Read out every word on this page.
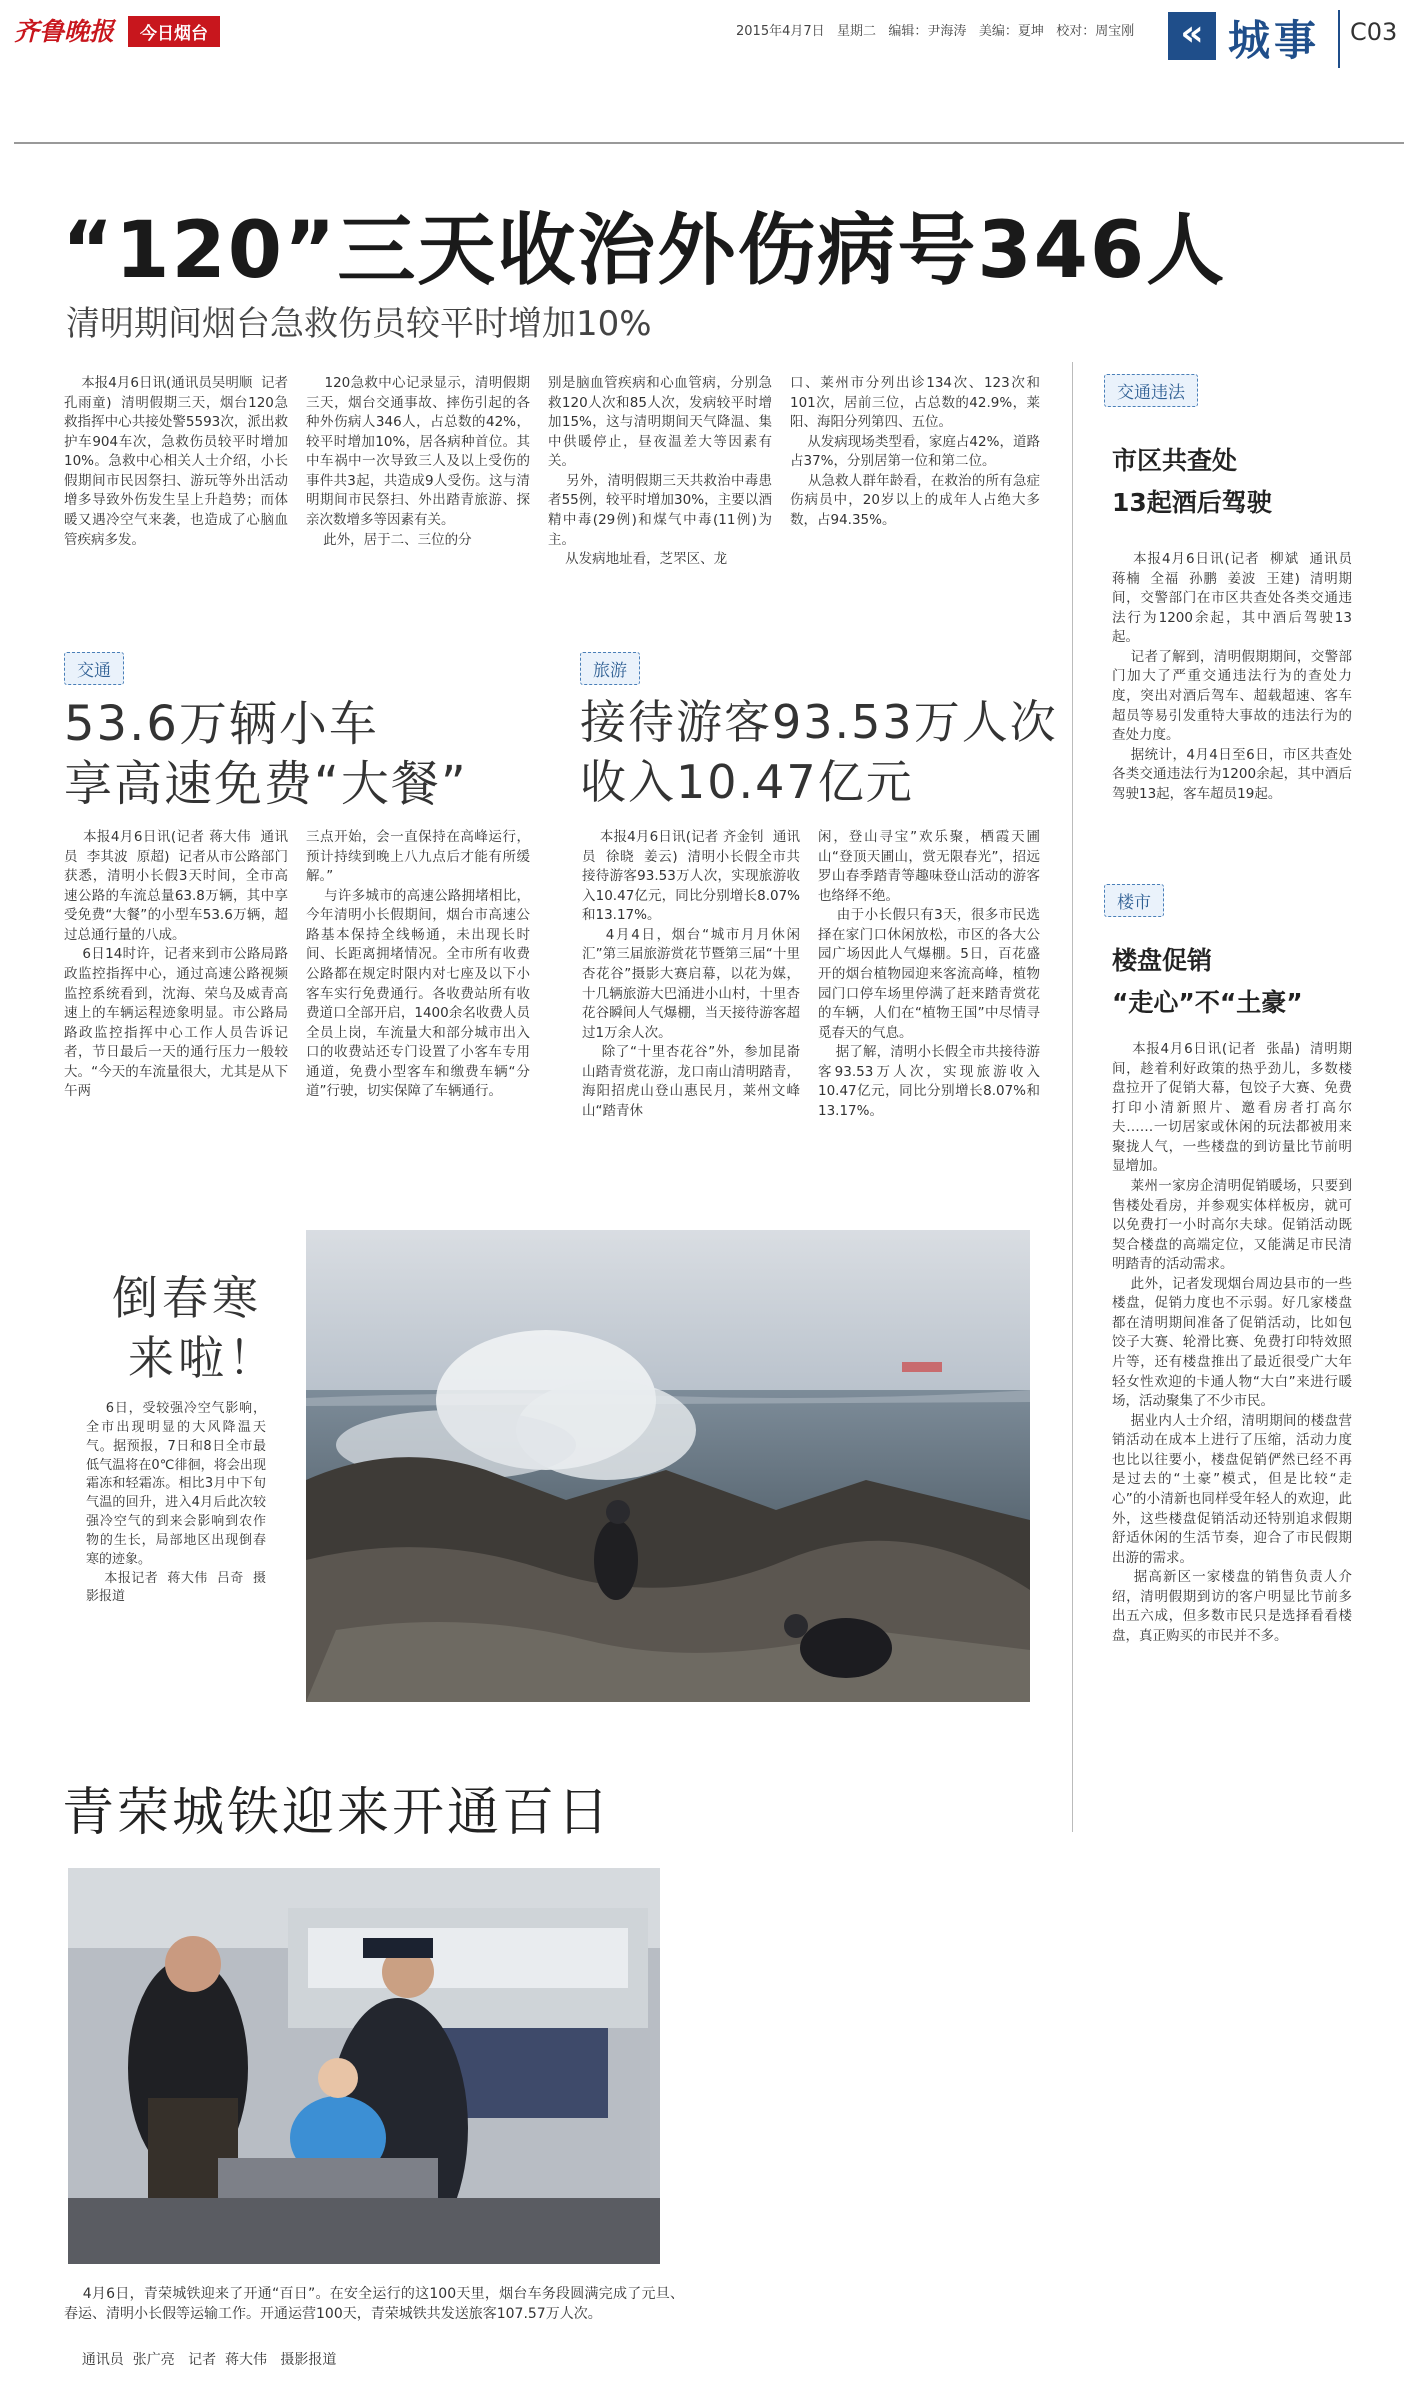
齐鲁晚报	今日烟台	2015年4月7日   星期二   编辑：尹海涛   美编：夏坤   校对：周宝刚	« 城事 C03
“120”三天收治外伤病号346人
清明期间烟台急救伤员较平时增加10%
本报4月6日讯(通讯员吴明顺  记者 孔雨童)  清明假期三天，烟台120急救指挥中心共接处警5593次，派出救护车904车次，急救伤员较平时增加10%。急救中心相关人士介绍，小长假期间市民因祭扫、游玩等外出活动增多导致外伤发生呈上升趋势；而体暖又遇冷空气来袭，也造成了心脑血管疾病多发。
120急救中心记录显示，清明假期三天，烟台交通事故、摔伤引起的各种外伤病人346人，占总数的42%，较平时增加10%，居各病种首位。其中车祸中一次导致三人及以上受伤的事件共3起，共造成9人受伤。这与清明期间市民祭扫、外出踏青旅游、探亲次数增多等因素有关。
此外，居于二、三位的分
别是脑血管疾病和心血管病，分别急救120人次和85人次，发病较平时增加15%，这与清明期间天气降温、集中供暖停止，昼夜温差大等因素有关。
另外，清明假期三天共救治中毒患者55例，较平时增加30%，主要以酒精中毒(29例)和煤气中毒(11例)为主。
从发病地址看，芝罘区、龙
口、莱州市分列出诊134次、123次和101次，居前三位，占总数的42.9%，莱阳、海阳分列第四、五位。
从发病现场类型看，家庭占42%，道路占37%，分别居第一位和第二位。
从急救人群年龄看，在救治的所有急症伤病员中，20岁以上的成年人占绝大多数，占94.35%。
交通
53.6万辆小车
享高速免费“大餐”
本报4月6日讯(记者 蒋大伟  通讯员  李其波  原超)  记者从市公路部门获悉，清明小长假3天时间，全市高速公路的车流总量63.8万辆，其中享受免费“大餐”的小型车53.6万辆，超过总通行量的八成。
6日14时许，记者来到市公路局路政监控指挥中心，通过高速公路视频监控系统看到，沈海、荣乌及威青高速上的车辆运程迹象明显。市公路局路政监控指挥中心工作人员告诉记者，节日最后一天的通行压力一般较大。“今天的车流量很大，尤其是从下午两
三点开始，会一直保持在高峰运行，预计持续到晚上八九点后才能有所缓解。”
与许多城市的高速公路拥堵相比，今年清明小长假期间，烟台市高速公路基本保持全线畅通，未出现长时间、长距离拥堵情况。全市所有收费公路都在规定时限内对七座及以下小客车实行免费通行。各收费站所有收费道口全部开启，1400余名收费人员全员上岗，车流量大和部分城市出入口的收费站还专门设置了小客车专用通道，免费小型客车和缴费车辆“分道”行驶，切实保障了车辆通行。
旅游
接待游客93.53万人次
收入10.47亿元
本报4月6日讯(记者 齐金钊  通讯员  徐晓  姜云)  清明小长假全市共接待游客93.53万人次，实现旅游收入10.47亿元，同比分别增长8.07%和13.17%。
4月4日，烟台“城市月月休闲汇”第三届旅游赏花节暨第三届“十里杏花谷”摄影大赛启幕，以花为媒，十几辆旅游大巴涌进小山村，十里杏花谷瞬间人气爆棚，当天接待游客超过1万余人次。
除了“十里杏花谷”外，参加昆嵛山踏青赏花游，龙口南山清明踏青，海阳招虎山登山惠民月，莱州文峰山“踏青休
闲，登山寻宝”欢乐聚，栖霞天圃山“登顶天圃山，赏无限春光”，招远罗山春季踏青等趣味登山活动的游客也络绎不绝。
由于小长假只有3天，很多市民选择在家门口休闲放松，市区的各大公园广场因此人气爆棚。5日，百花盛开的烟台植物园迎来客流高峰，植物园门口停车场里停满了赶来踏青赏花的车辆，人们在“植物王国”中尽情寻觅春天的气息。
据了解，清明小长假全市共接待游客93.53万人次，实现旅游收入10.47亿元，同比分别增长8.07%和13.17%。
交通违法
市区共查处
13起酒后驾驶
本报4月6日讯(记者  柳斌  通讯员  蒋楠  全福  孙鹏  姜波  王建)  清明期间，交警部门在市区共查处各类交通违法行为1200余起，其中酒后驾驶13起。
记者了解到，清明假期期间，交警部门加大了严重交通违法行为的查处力度，突出对酒后驾车、超载超速、客车超员等易引发重特大事故的违法行为的查处力度。
据统计，4月4日至6日，市区共查处各类交通违法行为1200余起，其中酒后驾驶13起，客车超员19起。
楼市
楼盘促销
“走心”不“土豪”
本报4月6日讯(记者  张晶)  清明期间，趁着利好政策的热乎劲儿，多数楼盘拉开了促销大幕，包饺子大赛、免费打印小清新照片、邀看房者打高尔夫……一切居家或休闲的玩法都被用来聚拢人气，一些楼盘的到访量比节前明显增加。
莱州一家房企清明促销暖场，只要到售楼处看房，并参观实体样板房，就可以免费打一小时高尔夫球。促销活动既契合楼盘的高端定位，又能满足市民清明踏青的活动需求。
此外，记者发现烟台周边县市的一些楼盘，促销力度也不示弱。好几家楼盘都在清明期间准备了促销活动，比如包饺子大赛、轮滑比赛、免费打印特效照片等，还有楼盘推出了最近很受广大年轻女性欢迎的卡通人物“大白”来进行暖场，活动聚集了不少市民。
据业内人士介绍，清明期间的楼盘营销活动在成本上进行了压缩，活动力度也比以往要小，楼盘促销俨然已经不再是过去的“土豪”模式，但是比较“走心”的小清新也同样受年轻人的欢迎，此外，这些楼盘促销活动还特别追求假期舒适休闲的生活节奏，迎合了市民假期出游的需求。
据高新区一家楼盘的销售负责人介绍，清明假期到访的客户明显比节前多出五六成，但多数市民只是选择看看楼盘，真正购买的市民并不多。
倒春寒
来啦！
6日，受较强冷空气影响，全市出现明显的大风降温天气。据预报，7日和8日全市最低气温将在0℃徘徊，将会出现霜冻和轻霜冻。相比3月中下旬气温的回升，进入4月后此次较强冷空气的到来会影响到农作物的生长，局部地区出现倒春寒的迹象。
本报记者  蒋大伟  吕奇  摄影报道
青荣城铁迎来开通百日
4月6日，青荣城铁迎来了开通“百日”。在安全运行的这100天里，烟台车务段圆满完成了元旦、春运、清明小长假等运输工作。开通运营100天，青荣城铁共发送旅客107.57万人次。
通讯员  张广亮   记者  蒋大伟   摄影报道
